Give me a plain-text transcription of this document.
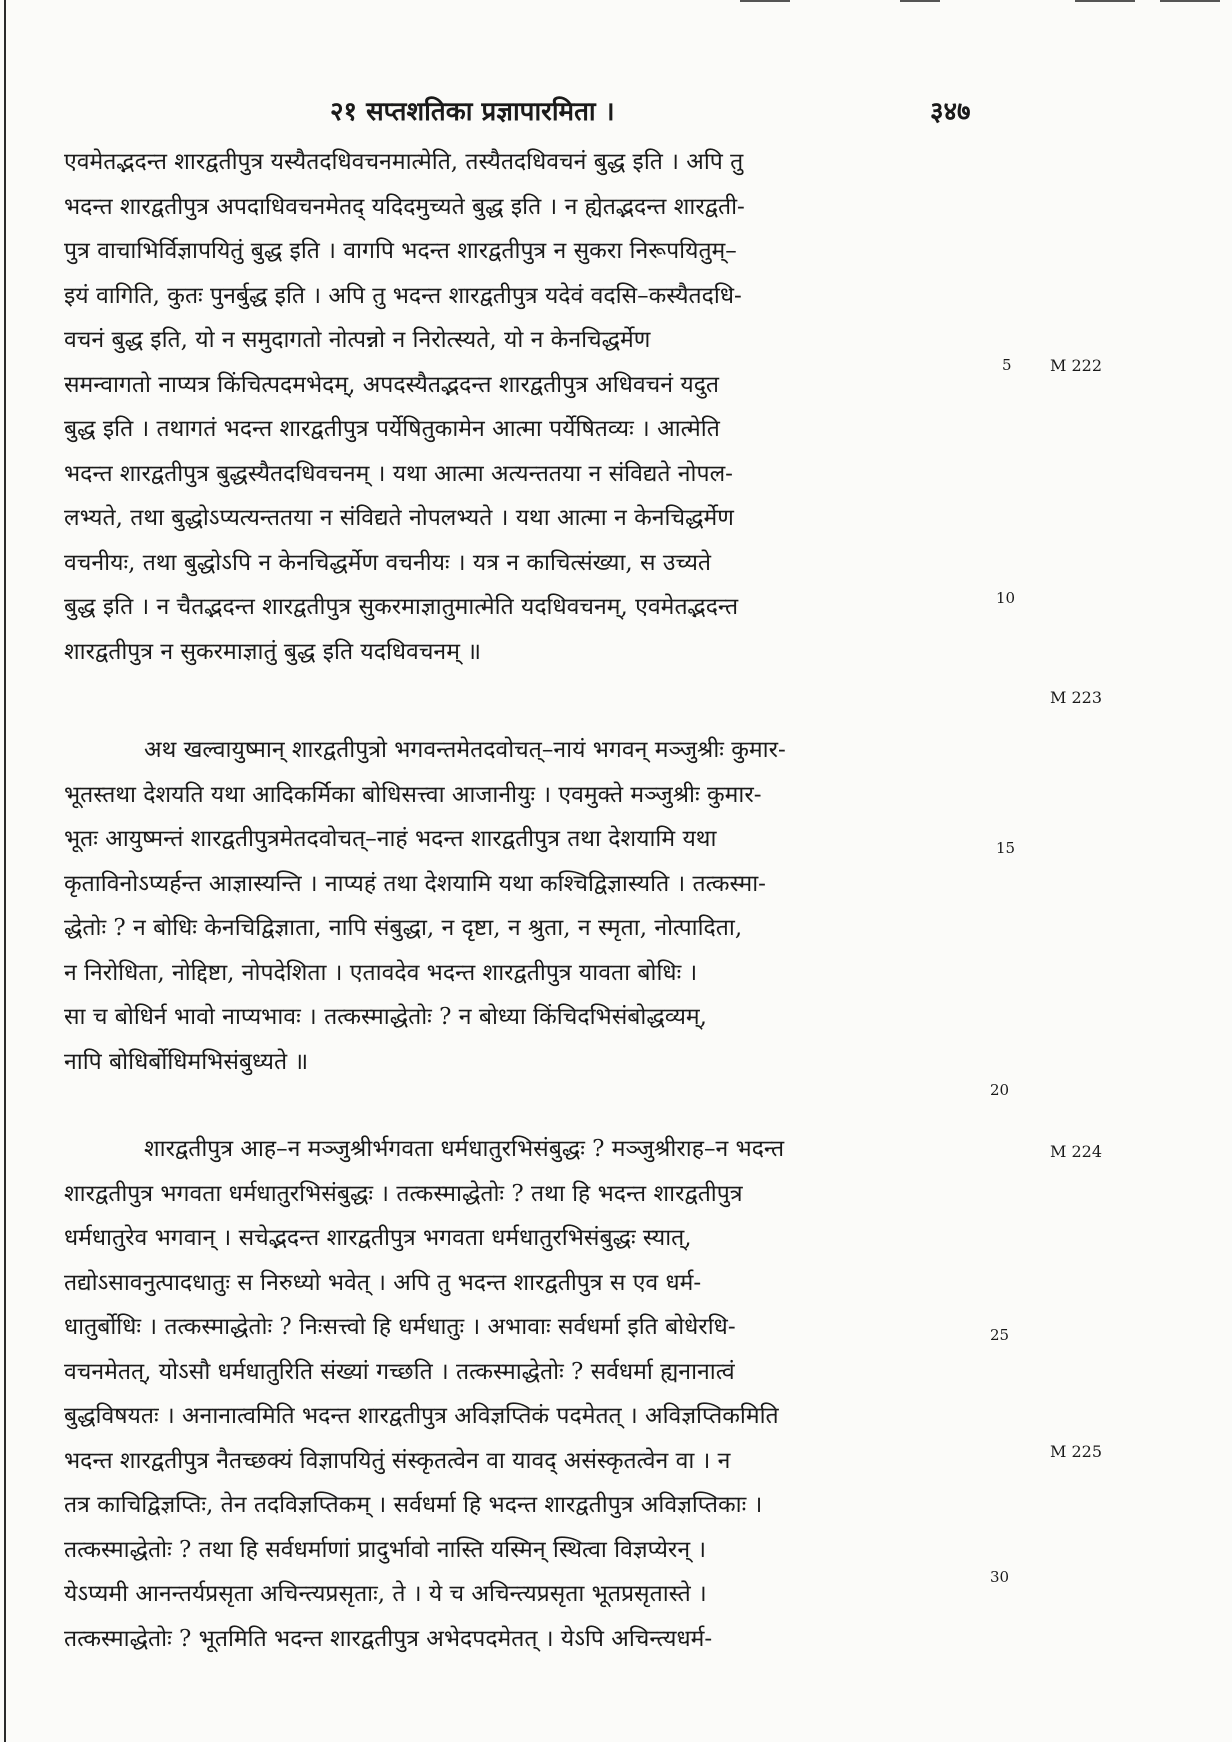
२१ सप्तशतिका प्रज्ञापारमिता ।	३४७
एवमेतद्भदन्त शारद्वतीपुत्र यस्यैतदधिवचनमात्मेति, तस्यैतदधिवचनं बुद्ध इति । अपि तु
भदन्त शारद्वतीपुत्र अपदाधिवचनमेतद् यदिदमुच्यते बुद्ध इति । न ह्येतद्भदन्त शारद्वती-
पुत्र वाचाभिर्विज्ञापयितुं बुद्ध इति । वागपि भदन्त शारद्वतीपुत्र न सुकरा निरूपयितुम्–
इयं वागिति, कुतः पुनर्बुद्ध इति । अपि तु भदन्त शारद्वतीपुत्र यदेवं वदसि–कस्यैतदधि-
वचनं बुद्ध इति, यो न समुदागतो नोत्पन्नो न निरोत्स्यते, यो न केनचिद्धर्मेण
समन्वागतो नाप्यत्र किंचित्पदमभेदम्, अपदस्यैतद्भदन्त शारद्वतीपुत्र अधिवचनं यदुत
बुद्ध इति । तथागतं भदन्त शारद्वतीपुत्र पर्येषितुकामेन आत्मा पर्येषितव्यः । आत्मेति
भदन्त शारद्वतीपुत्र बुद्धस्यैतदधिवचनम् । यथा आत्मा अत्यन्ततया न संविद्यते नोपल-
लभ्यते, तथा बुद्धोऽप्यत्यन्ततया न संविद्यते नोपलभ्यते । यथा आत्मा न केनचिद्धर्मेण
वचनीयः, तथा बुद्धोऽपि न केनचिद्धर्मेण वचनीयः । यत्र न काचित्संख्या, स उच्यते
बुद्ध इति । न चैतद्भदन्त शारद्वतीपुत्र सुकरमाज्ञातुमात्मेति यदधिवचनम्, एवमेतद्भदन्त
शारद्वतीपुत्र न सुकरमाज्ञातुं बुद्ध इति यदधिवचनम् ॥
अथ खल्वायुष्मान् शारद्वतीपुत्रो भगवन्तमेतदवोचत्–नायं भगवन् मञ्जुश्रीः कुमार-
भूतस्तथा देशयति यथा आदिकर्मिका बोधिसत्त्वा आजानीयुः । एवमुक्ते मञ्जुश्रीः कुमार-
भूतः आयुष्मन्तं शारद्वतीपुत्रमेतदवोचत्–नाहं भदन्त शारद्वतीपुत्र तथा देशयामि यथा
कृताविनोऽप्यर्हन्त आज्ञास्यन्ति । नाप्यहं तथा देशयामि यथा कश्चिद्विज्ञास्यति । तत्कस्मा-
द्धेतोः ? न बोधिः केनचिद्विज्ञाता, नापि संबुद्धा, न दृष्टा, न श्रुता, न स्मृता, नोत्पादिता,
न निरोधिता, नोद्दिष्टा, नोपदेशिता । एतावदेव भदन्त शारद्वतीपुत्र यावता बोधिः ।
सा च बोधिर्न भावो नाप्यभावः । तत्कस्माद्धेतोः ? न बोध्या किंचिदभिसंबोद्धव्यम्,
नापि बोधिर्बोधिमभिसंबुध्यते ॥
शारद्वतीपुत्र आह–न मञ्जुश्रीर्भगवता धर्मधातुरभिसंबुद्धः ? मञ्जुश्रीराह–न भदन्त
शारद्वतीपुत्र भगवता धर्मधातुरभिसंबुद्धः । तत्कस्माद्धेतोः ? तथा हि भदन्त शारद्वतीपुत्र
धर्मधातुरेव भगवान् । सचेद्भदन्त शारद्वतीपुत्र भगवता धर्मधातुरभिसंबुद्धः स्यात्,
तद्योऽसावनुत्पादधातुः स निरुध्यो भवेत् । अपि तु भदन्त शारद्वतीपुत्र स एव धर्म-
धातुर्बोधिः । तत्कस्माद्धेतोः ? निःसत्त्वो हि धर्मधातुः । अभावाः सर्वधर्मा इति बोधेरधि-
वचनमेतत्, योऽसौ धर्मधातुरिति संख्यां गच्छति । तत्कस्माद्धेतोः ? सर्वधर्मा ह्यनानात्वं
बुद्धविषयतः । अनानात्वमिति भदन्त शारद्वतीपुत्र अविज्ञप्तिकं पदमेतत् । अविज्ञप्तिकमिति
भदन्त शारद्वतीपुत्र नैतच्छक्यं विज्ञापयितुं संस्कृतत्वेन वा यावद् असंस्कृतत्वेन वा । न
तत्र काचिद्विज्ञप्तिः, तेन तदविज्ञप्तिकम् । सर्वधर्मा हि भदन्त शारद्वतीपुत्र अविज्ञप्तिकाः ।
तत्कस्माद्धेतोः ? तथा हि सर्वधर्माणां प्रादुर्भावो नास्ति यस्मिन् स्थित्वा विज्ञप्येरन् ।
येऽप्यमी आनन्तर्यप्रसृता अचिन्त्यप्रसृताः, ते । ये च अचिन्त्यप्रसृता भूतप्रसृतास्ते ।
तत्कस्माद्धेतोः ? भूतमिति भदन्त शारद्वतीपुत्र अभेदपदमेतत् । येऽपि अचिन्त्यधर्म-
5
10
15
20
25
30
M 222
M 223
M 224
M 225
